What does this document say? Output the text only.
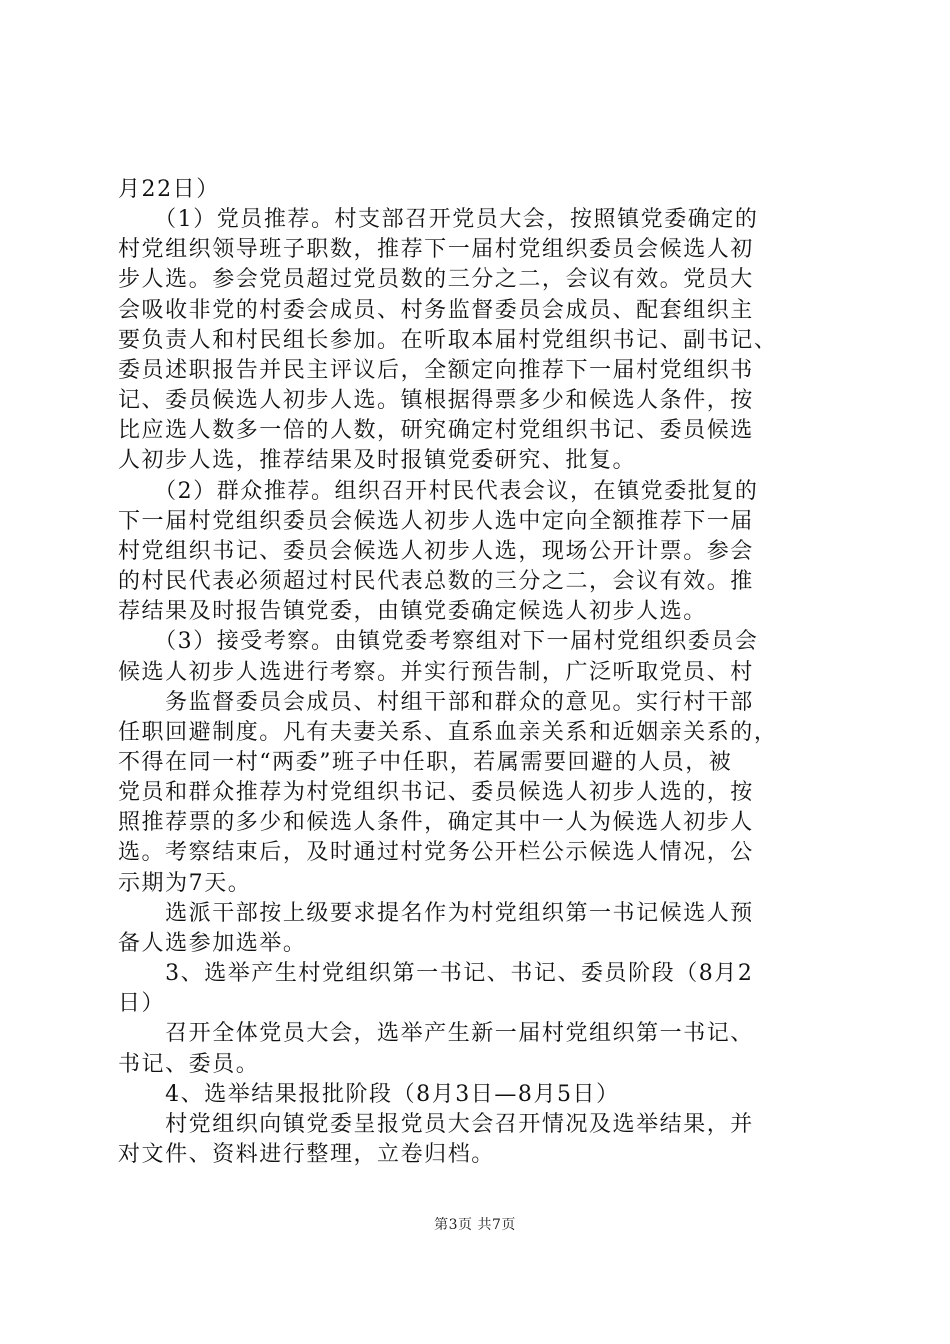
月22日）
　　（1）党员推荐。村支部召开党员大会，按照镇党委确定的
村党组织领导班子职数，推荐下一届村党组织委员会候选人初
步人选。参会党员超过党员数的三分之二，会议有效。党员大
会吸收非党的村委会成员、村务监督委员会成员、配套组织主
要负责人和村民组长参加。在听取本届村党组织书记、副书记、
委员述职报告并民主评议后，全额定向推荐下一届村党组织书
记、委员候选人初步人选。镇根据得票多少和候选人条件，按
比应选人数多一倍的人数，研究确定村党组织书记、委员候选
人初步人选，推荐结果及时报镇党委研究、批复。
　　（2）群众推荐。组织召开村民代表会议，在镇党委批复的
下一届村党组织委员会候选人初步人选中定向全额推荐下一届
村党组织书记、委员会候选人初步人选，现场公开计票。参会
的村民代表必须超过村民代表总数的三分之二，会议有效。推
荐结果及时报告镇党委，由镇党委确定候选人初步人选。
　　（3）接受考察。由镇党委考察组对下一届村党组织委员会
候选人初步人选进行考察。并实行预告制，广泛听取党员、村
　　务监督委员会成员、村组干部和群众的意见。实行村干部
任职回避制度。凡有夫妻关系、直系血亲关系和近姻亲关系的，
不得在同一村“两委”班子中任职，若属需要回避的人员，被
党员和群众推荐为村党组织书记、委员候选人初步人选的，按
照推荐票的多少和候选人条件，确定其中一人为候选人初步人
选。考察结束后，及时通过村党务公开栏公示候选人情况，公
示期为7天。
　　选派干部按上级要求提名作为村党组织第一书记候选人预
备人选参加选举。
　　3、选举产生村党组织第一书记、书记、委员阶段（8月2
日）
　　召开全体党员大会，选举产生新一届村党组织第一书记、
书记、委员。
　　4、选举结果报批阶段（8月3日—8月5日）
　　村党组织向镇党委呈报党员大会召开情况及选举结果，并
对文件、资料进行整理，立卷归档。
第3页 共7页
